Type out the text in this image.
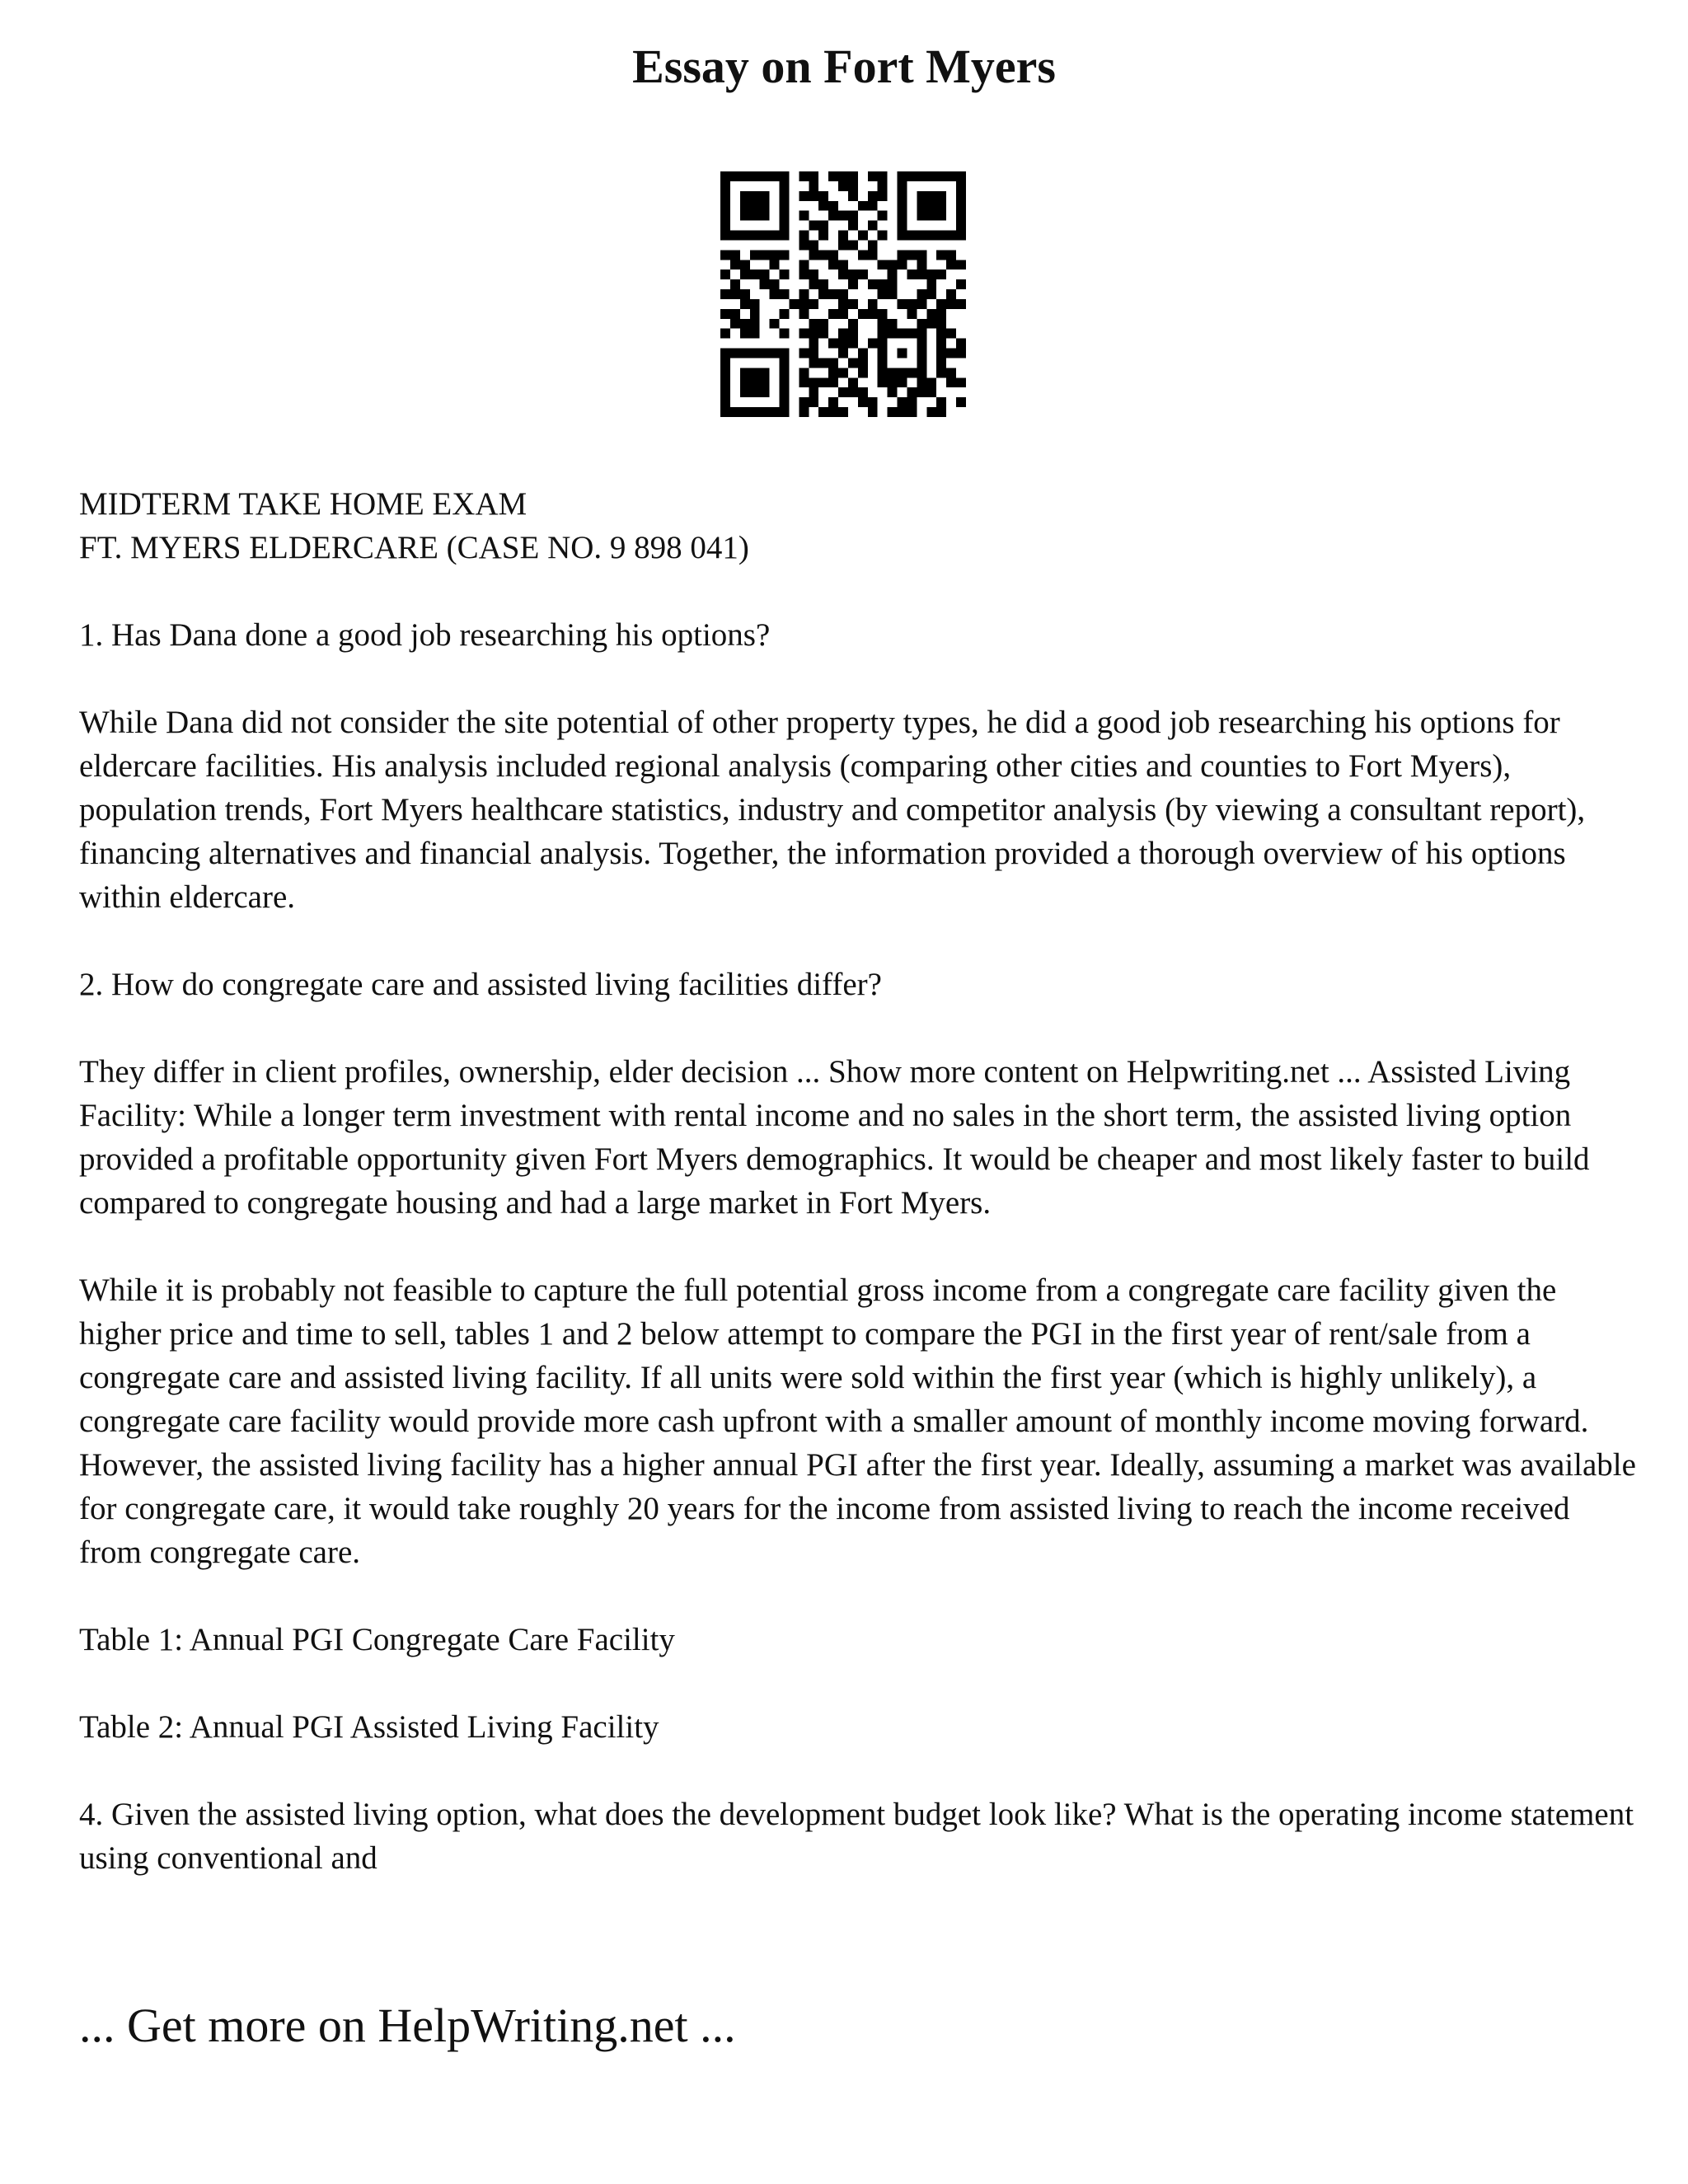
Essay on Fort Myers

MIDTERM TAKE HOME EXAM

FT. MYERS ELDERCARE (CASE NO. 9 898 041)

1. Has Dana done a good job researching his options?

While Dana did not consider the site potential of other property types, he did a good job researching his options for eldercare facilities. His analysis included regional analysis (comparing other cities and counties to Fort Myers), population trends, Fort Myers healthcare statistics, industry and competitor analysis (by viewing a consultant report), financing alternatives and financial analysis. Together, the information provided a thorough overview of his options within eldercare.

2. How do congregate care and assisted living facilities differ?

They differ in client profiles, ownership, elder decision ... Show more content on Helpwriting.net ... Assisted Living Facility: While a longer term investment with rental income and no sales in the short term, the assisted living option provided a profitable opportunity given Fort Myers demographics. It would be cheaper and most likely faster to build compared to congregate housing and had a large market in Fort Myers.

While it is probably not feasible to capture the full potential gross income from a congregate care facility given the higher price and time to sell, tables 1 and 2 below attempt to compare the PGI in the first year of rent/sale from a congregate care and assisted living facility. If all units were sold within the first year (which is highly unlikely), a congregate care facility would provide more cash upfront with a smaller amount of monthly income moving forward. However, the assisted living facility has a higher annual PGI after the first year. Ideally, assuming a market was available for congregate care, it would take roughly 20 years for the income from assisted living to reach the income received from congregate care.

Table 1: Annual PGI Congregate Care Facility

Table 2: Annual PGI Assisted Living Facility

4. Given the assisted living option, what does the development budget look like? What is the operating income statement using conventional and

... Get more on HelpWriting.net ...
